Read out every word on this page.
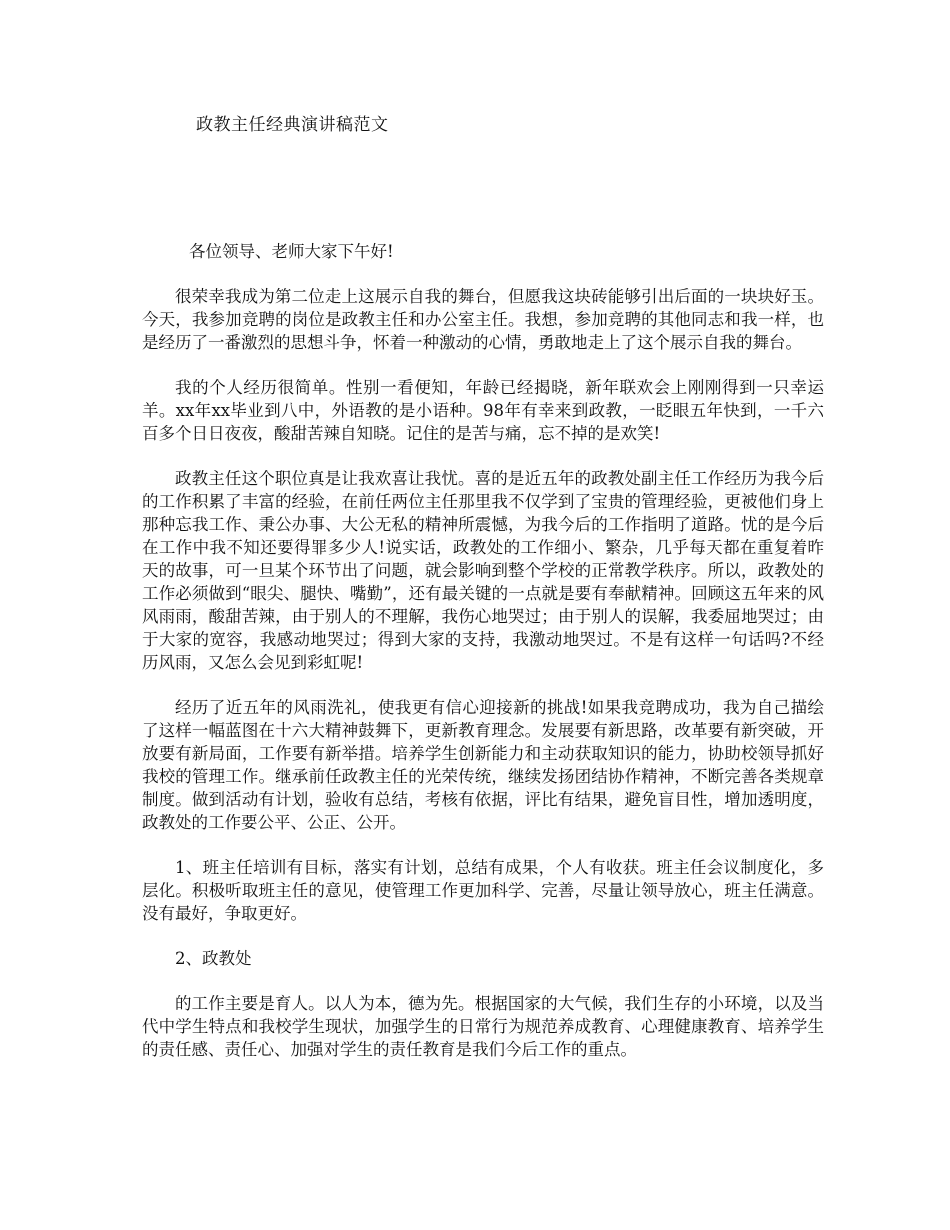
政教主任经典演讲稿范文

各位领导、老师大家下午好!

很荣幸我成为第二位走上这展示自我的舞台，但愿我这块砖能够引出后面的一块块好玉。今天，我参加竞聘的岗位是政教主任和办公室主任。我想，参加竞聘的其他同志和我一样，也是经历了一番激烈的思想斗争，怀着一种激动的心情，勇敢地走上了这个展示自我的舞台。

我的个人经历很简单。性别一看便知，年龄已经揭晓，新年联欢会上刚刚得到一只幸运羊。xx年xx毕业到八中，外语教的是小语种。98年有幸来到政教，一眨眼五年快到，一千六百多个日日夜夜，酸甜苦辣自知晓。记住的是苦与痛，忘不掉的是欢笑!

政教主任这个职位真是让我欢喜让我忧。喜的是近五年的政教处副主任工作经历为我今后的工作积累了丰富的经验，在前任两位主任那里我不仅学到了宝贵的管理经验，更被他们身上那种忘我工作、秉公办事、大公无私的精神所震憾，为我今后的工作指明了道路。忧的是今后在工作中我不知还要得罪多少人!说实话，政教处的工作细小、繁杂，几乎每天都在重复着昨天的故事，可一旦某个环节出了问题，就会影响到整个学校的正常教学秩序。所以，政教处的工作必须做到“眼尖、腿快、嘴勤”，还有最关键的一点就是要有奉献精神。回顾这五年来的风风雨雨，酸甜苦辣，由于别人的不理解，我伤心地哭过；由于别人的误解，我委屈地哭过；由于大家的宽容，我感动地哭过；得到大家的支持，我激动地哭过。不是有这样一句话吗?不经历风雨，又怎么会见到彩虹呢!

经历了近五年的风雨洗礼，使我更有信心迎接新的挑战!如果我竞聘成功，我为自己描绘了这样一幅蓝图在十六大精神鼓舞下，更新教育理念。发展要有新思路，改革要有新突破，开放要有新局面，工作要有新举措。培养学生创新能力和主动获取知识的能力，协助校领导抓好我校的管理工作。继承前任政教主任的光荣传统，继续发扬团结协作精神，不断完善各类规章制度。做到活动有计划，验收有总结，考核有依据，评比有结果，避免盲目性，增加透明度，政教处的工作要公平、公正、公开。

1、班主任培训有目标，落实有计划，总结有成果，个人有收获。班主任会议制度化，多层化。积极听取班主任的意见，使管理工作更加科学、完善，尽量让领导放心，班主任满意。没有最好，争取更好。

2、政教处

的工作主要是育人。以人为本，德为先。根据国家的大气候，我们生存的小环境，以及当代中学生特点和我校学生现状，加强学生的日常行为规范养成教育、心理健康教育、培养学生的责任感、责任心、加强对学生的责任教育是我们今后工作的重点。
